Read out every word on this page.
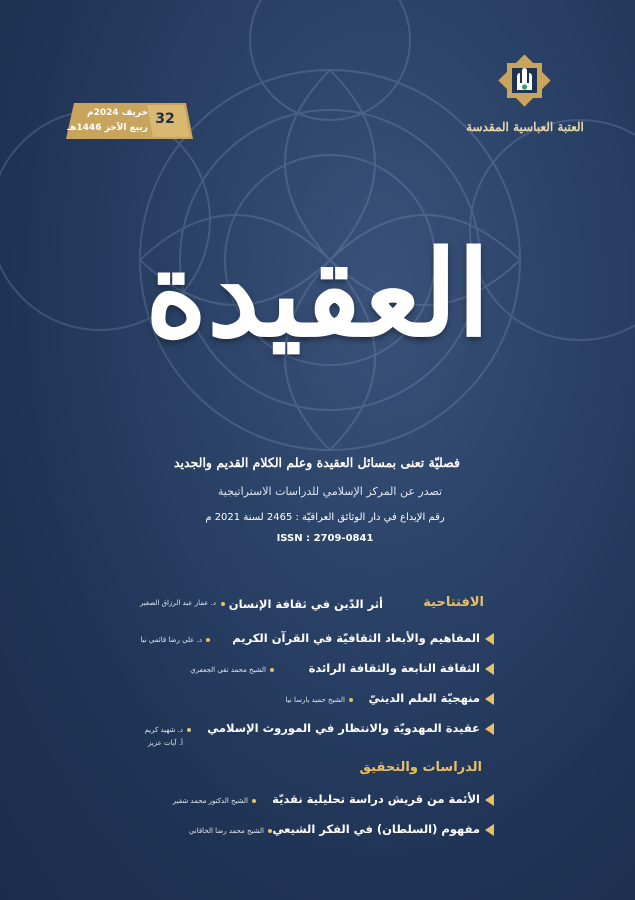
العتبة العباسية المقدسة
32
خريف 2024م
ربيع الآخر 1446هـ
العقيدة
فصليّة تعنى بمسائل العقيدة وعلم الكلام القديم والجديد
تصدر عن المركز الإسلامي للدراسات الاستراتيجية
رقم الإيداع في دار الوثائق العراقيّة : 2465 لسنة 2021 م
ISSN : 2709-0841
الافتتاحية
أثر الدّين في ثقافة الإنسان
د. عمار عبد الرزاق الصغير
المفاهيم والأبعاد الثقافيّة في القرآن الكريم
د. علي رضا قائمي نيا
الثقافة التابعة والثقافة الرائدة
الشيخ محمد تقي الجعفري
منهجيّة العلم الدينيّ
الشيخ حميد بارسا نيا
عقيدة المهدويّة والانتظار في الموروث الإسلامي
د. شهيد كريم
أ. آيات عزيز
الدراسات والتحقيق
الأئمة من قريش دراسة تحليلية نقديّة
الشيخ الدكتور محمد شقير
مفهوم (السلطان) في الفكر الشيعي
الشيخ محمد رضا الخاقاني
